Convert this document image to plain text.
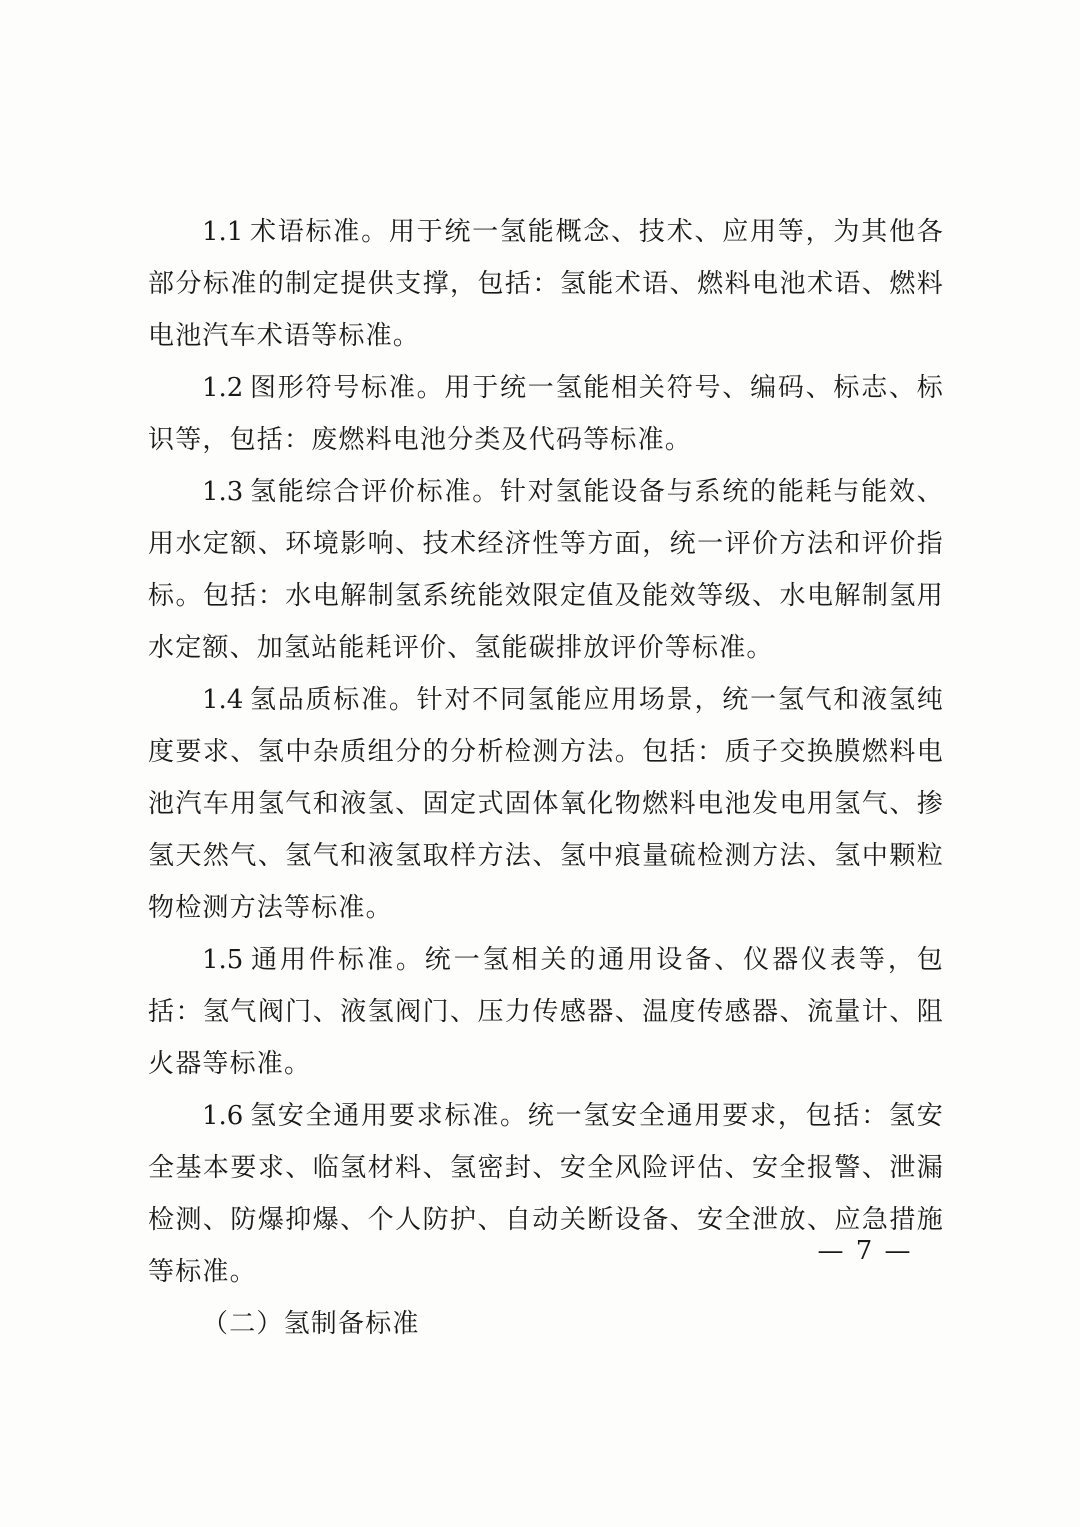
1.1 术语标准。用于统一氢能概念、技术、应用等，为其他各部分标准的制定提供支撑，包括：氢能术语、燃料电池术语、燃料电池汽车术语等标准。

1.2 图形符号标准。用于统一氢能相关符号、编码、标志、标识等，包括：废燃料电池分类及代码等标准。

1.3 氢能综合评价标准。针对氢能设备与系统的能耗与能效、用水定额、环境影响、技术经济性等方面，统一评价方法和评价指标。包括：水电解制氢系统能效限定值及能效等级、水电解制氢用水定额、加氢站能耗评价、氢能碳排放评价等标准。

1.4 氢品质标准。针对不同氢能应用场景，统一氢气和液氢纯度要求、氢中杂质组分的分析检测方法。包括：质子交换膜燃料电池汽车用氢气和液氢、固定式固体氧化物燃料电池发电用氢气、掺氢天然气、氢气和液氢取样方法、氢中痕量硫检测方法、氢中颗粒物检测方法等标准。

1.5 通用件标准。统一氢相关的通用设备、仪器仪表等，包括：氢气阀门、液氢阀门、压力传感器、温度传感器、流量计、阻火器等标准。

1.6 氢安全通用要求标准。统一氢安全通用要求，包括：氢安全基本要求、临氢材料、氢密封、安全风险评估、安全报警、泄漏检测、防爆抑爆、个人防护、自动关断设备、安全泄放、应急措施等标准。

（二）氢制备标准

— 7 —
